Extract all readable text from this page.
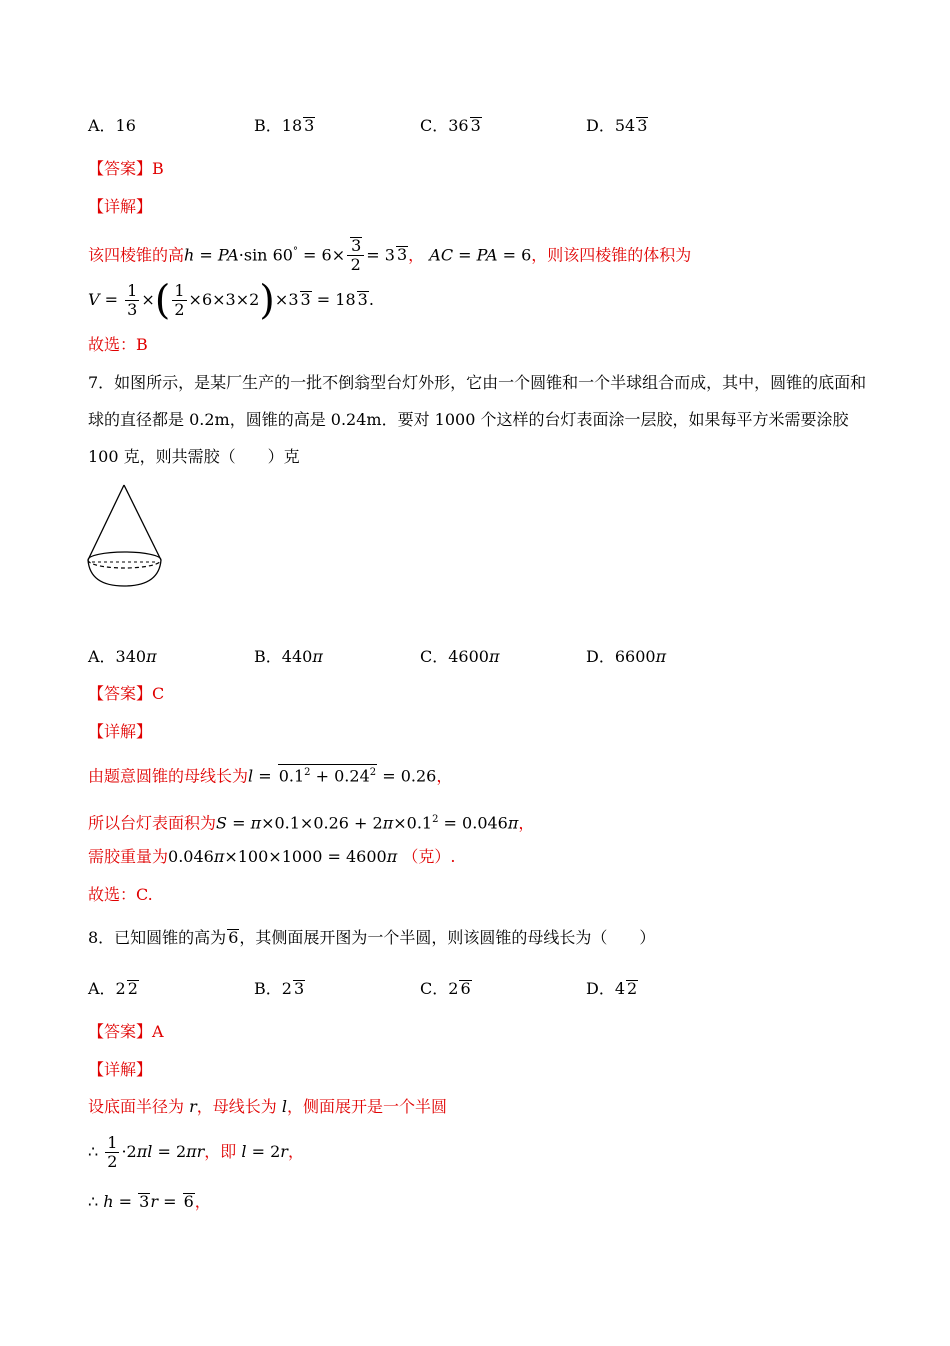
A．16	B．18 3	C．36 3	D．54 3
【答案】B
【详解】
该四棱锥的高h = PA·sin $60^\circ = 6\times \frac{3}{2} = 3$ 3， AC = PA = 6，则该四棱锥的体积为
$V = \frac{1}{3}$ ×( $\frac{1}{2} \times 6\times 3\times 2)\times 3$ 3 = 18 3.
故选：B
7．如图所示，是某厂生产的一批不倒翁型台灯外形，它由一个圆锥和一个半球组合而成，其中，圆锥的底面和球的直径都是 0.2m，圆锥的高是 0.24m．要对 1000 个这样的台灯表面涂一层胶，如果每平方米需要涂胶 100 克，则共需胶（　　）克
A．340π	B．440π	C．4600π	D．6600π
【答案】C
【详解】
由题意圆锥的母线长为$l = 0.1^2 + 0.24^2 = 0.26$，
所以台灯表面积为$S = \pi\times 0.1\times 0.26 + 2\pi\times 0.1^2 = 0.046\pi$，
需胶重量为0.046π×100×1000 = 4600π （克）.
故选：C.
8．已知圆锥的高为 6，其侧面展开图为一个半圆，则该圆锥的母线长为（　　）
A．2 2	B．2 3	C．2 6	D．4 2
【答案】A
【详解】
设底面半径为 r，母线长为 l，侧面展开是一个半圆
∴ $\frac{1}{2} \cdot 2\pi l = 2\pi r$，即 l = 2r，
∴ h = 3r = 6，
